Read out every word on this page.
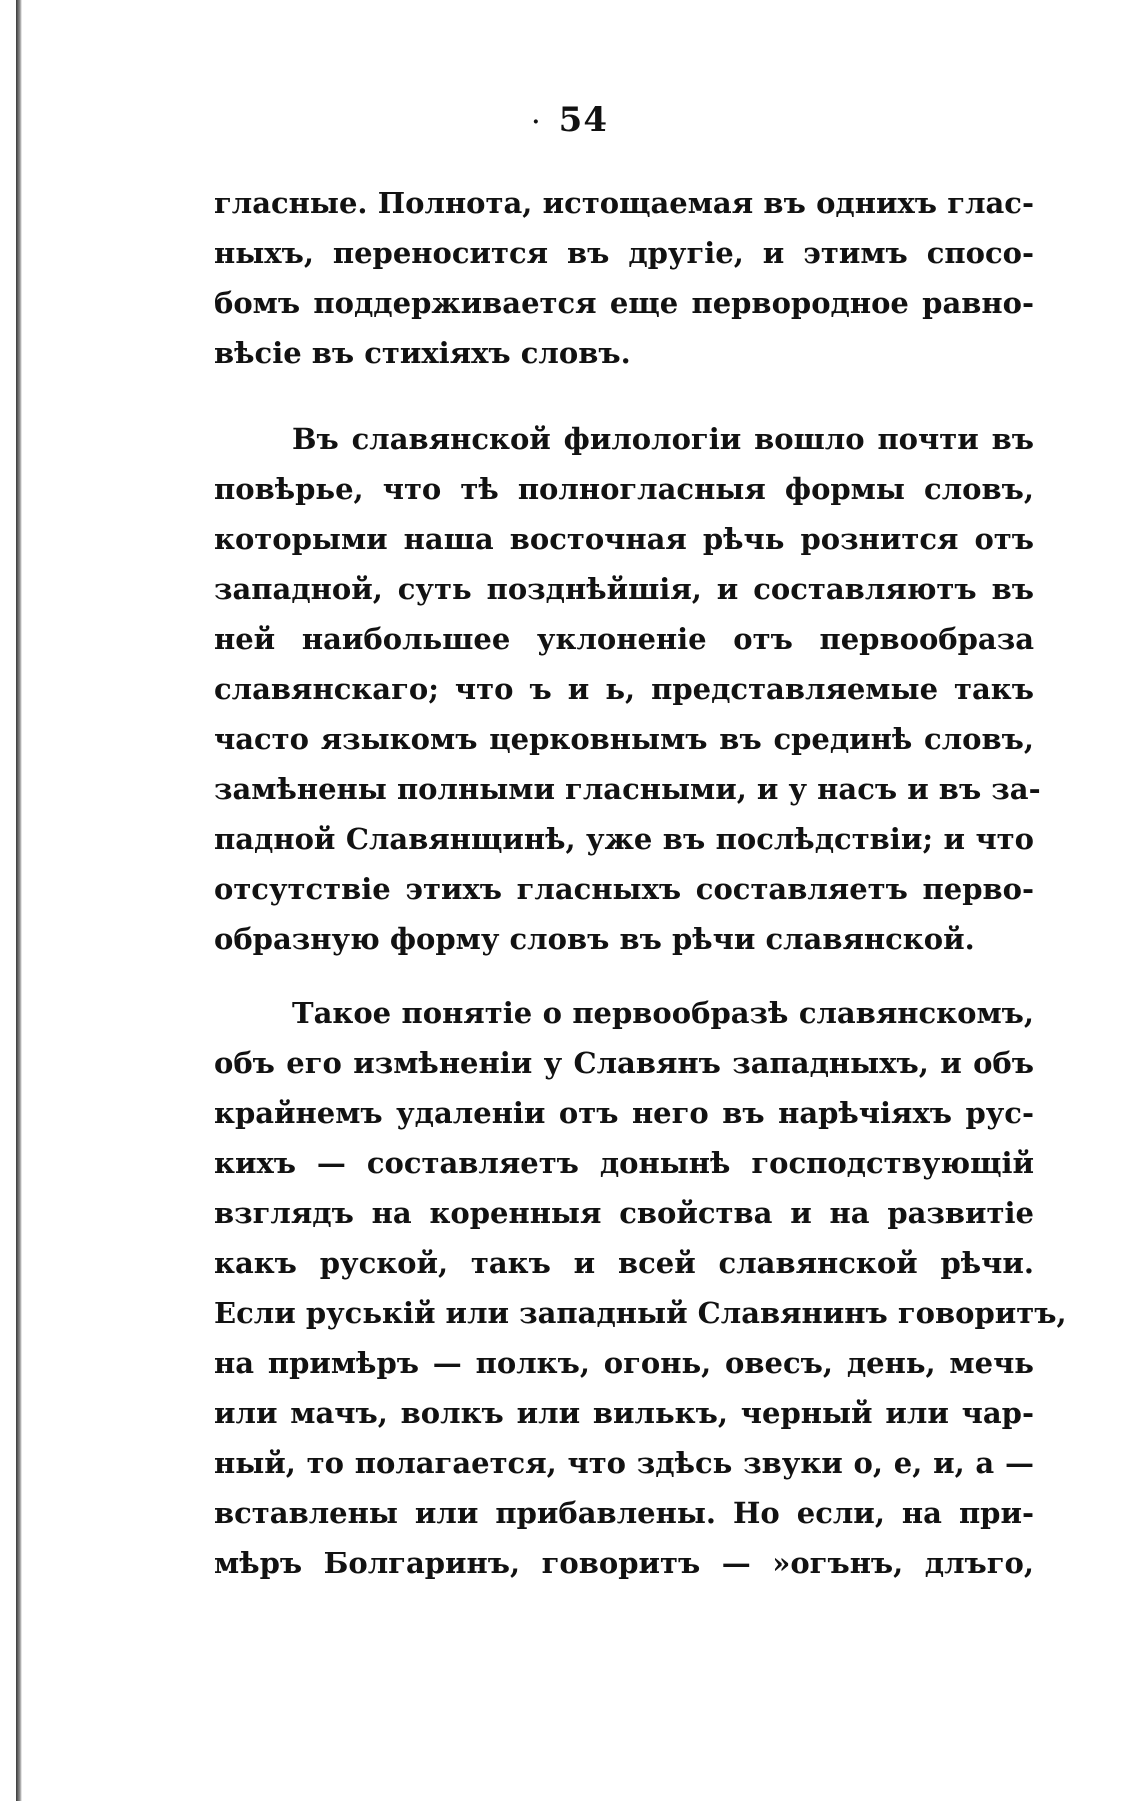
· 54
гласные. Полнота, истощаемая въ однихъ глас-
ныхъ, переносится въ другіе, и этимъ спосо-
бомъ поддерживается еще первородное равно-
вѣсіе въ стихіяхъ словъ.
Въ славянской филологіи вошло почти въ
повѣрье, что тѣ полногласныя формы словъ,
которыми наша восточная рѣчь рознится отъ
западной, суть позднѣйшія, и составляютъ въ
ней наибольшее уклоненіе отъ первообраза
славянскаго; что ъ и ь, представляемые такъ
часто языкомъ церковнымъ въ срединѣ словъ,
замѣнены полными гласными, и у насъ и въ за-
падной Славянщинѣ, уже въ послѣдствіи; и что
отсутствіе этихъ гласныхъ составляетъ перво-
образную форму словъ въ рѣчи славянской.
Такое понятіе о первообразѣ славянскомъ,
объ его измѣненіи у Славянъ западныхъ, и объ
крайнемъ удаленіи отъ него въ нарѣчіяхъ рус-
кихъ — составляетъ донынѣ господствующій
взглядъ на коренныя свойства и на развитіе
какъ руской, такъ и всей славянской рѣчи.
Если руській или западный Славянинъ говоритъ,
на примѣръ — полкъ, огонь, овесъ, день, мечь
или мачъ, волкъ или вилькъ, черный или чар-
ный, то полагается, что здѣсь звуки о, е, и, а —
вставлены или прибавлены. Но если, на при-
мѣръ Болгаринъ, говоритъ — »огънъ, длъго,
